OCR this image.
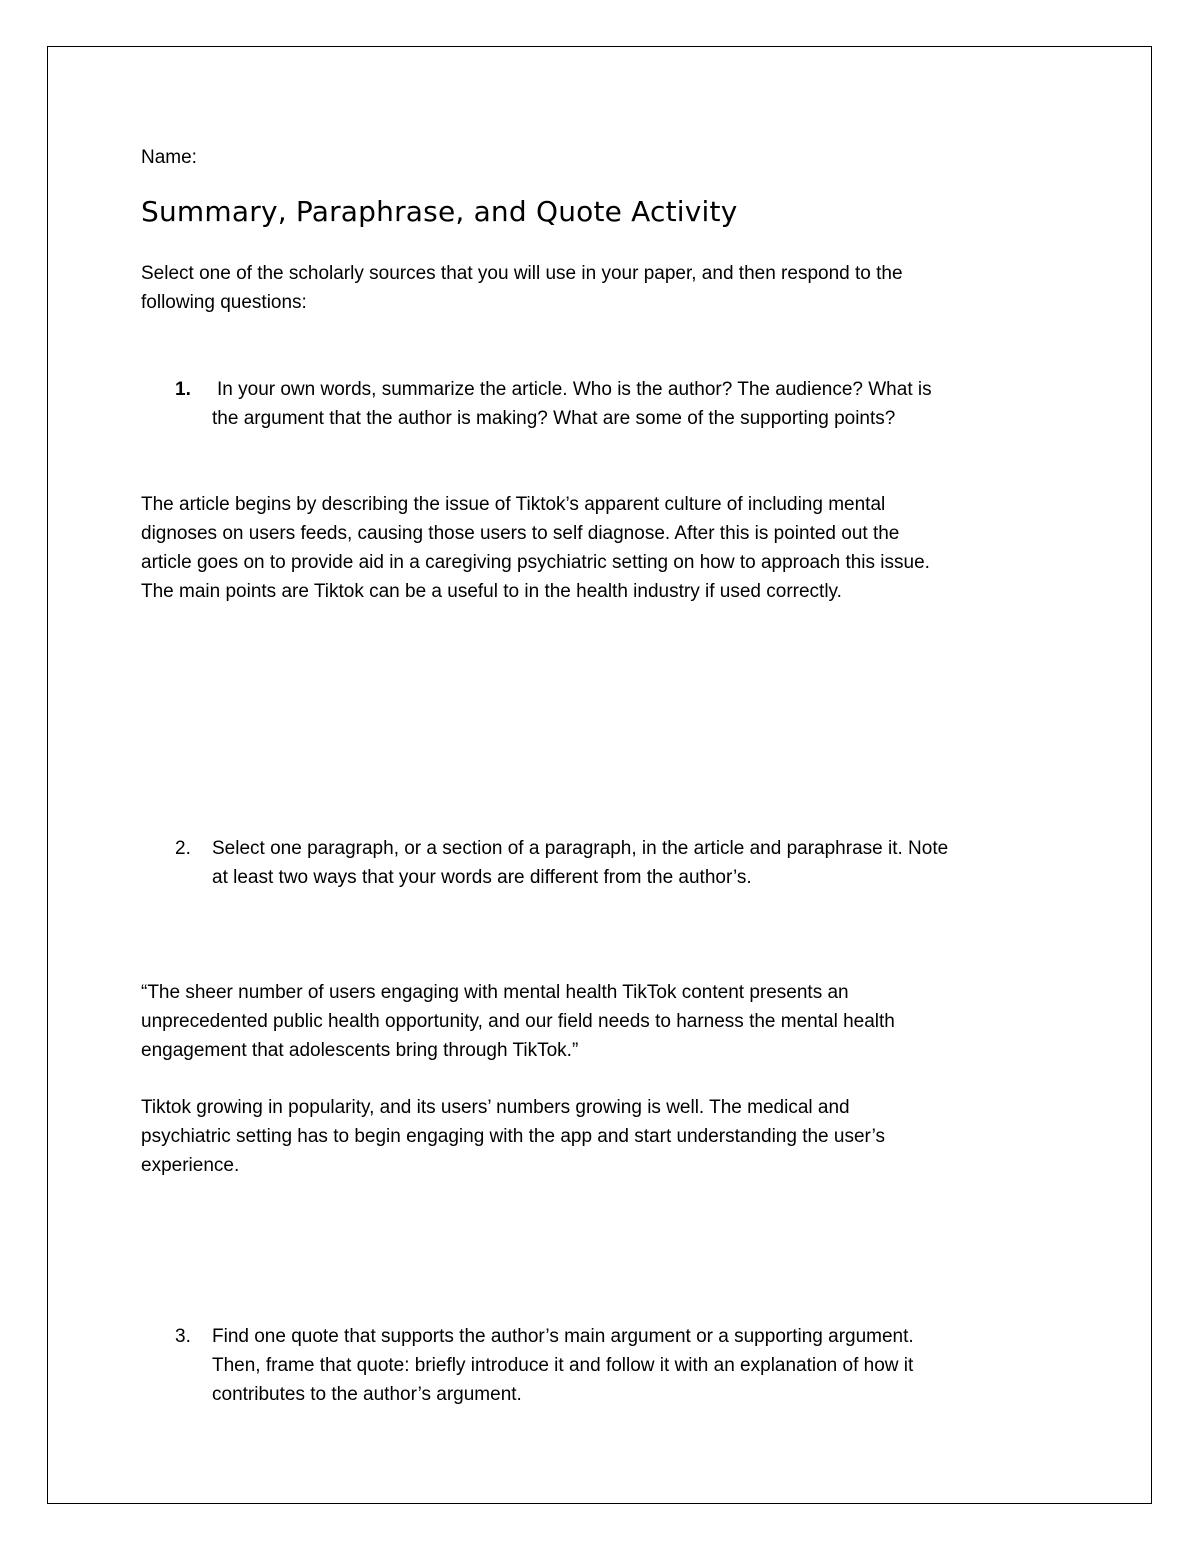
Name:
Summary, Paraphrase, and Quote Activity
Select one of the scholarly sources that you will use in your paper, and then respond to the
following questions:
1. In your own words, summarize the article. Who is the author? The audience? What is
the argument that the author is making? What are some of the supporting points?
The article begins by describing the issue of Tiktok’s apparent culture of including mental
dignoses on users feeds, causing those users to self diagnose. After this is pointed out the
article goes on to provide aid in a caregiving psychiatric setting on how to approach this issue.
The main points are Tiktok can be a useful to in the health industry if used correctly.
2. Select one paragraph, or a section of a paragraph, in the article and paraphrase it. Note
at least two ways that your words are different from the author’s.
“The sheer number of users engaging with mental health TikTok content presents an
unprecedented public health opportunity, and our field needs to harness the mental health
engagement that adolescents bring through TikTok.”
Tiktok growing in popularity, and its users’ numbers growing is well. The medical and
psychiatric setting has to begin engaging with the app and start understanding the user’s
experience.
3. Find one quote that supports the author’s main argument or a supporting argument.
Then, frame that quote: briefly introduce it and follow it with an explanation of how it
contributes to the author’s argument.
